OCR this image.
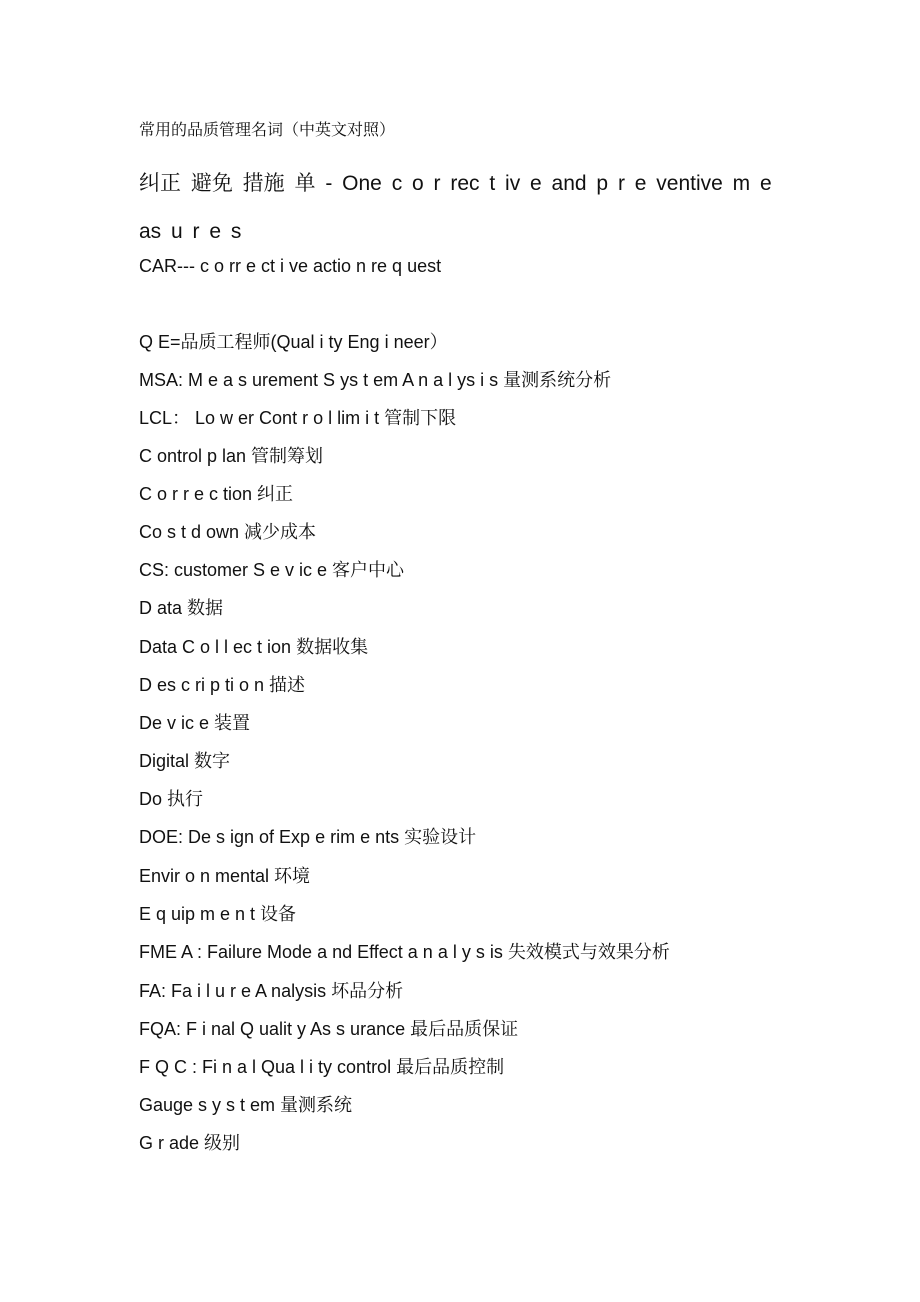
常用的品质管理名词（中英文对照）
纠正 避免 措施 单 - One c o r rec t iv e and p r e ventive m e as u r e s
CAR--- c o rr e ct i ve actio n re q uest
Q E=品质工程师(Qual i ty Eng i neer）
MSA: M e a s urement S ys t em A n a l ys i s 量测系统分析
LCL： Lo w er Cont r o l lim i t 管制下限
C ontrol p lan 管制筹划
C o r r e c tion 纠正
Co s t d own 减少成本
CS: customer S e v ic e 客户中心
D ata 数据
Data C o l l ec t ion 数据收集
D es c ri p ti o n 描述
De v ic e 装置
Digital 数字
Do 执行
DOE: De s ign of Exp e rim e nts 实验设计
Envir o n mental 环境
E q uip m e n t 设备
FME A : Failure Mode a nd Effect a n a l y s is 失效模式与效果分析
FA: Fa i l u r e A nalysis 坏品分析
FQA: F i nal Q ualit y As s urance 最后品质保证
F Q C : Fi n a l Qua l i ty control 最后品质控制
Gauge s y s t em 量测系统
G r ade 级别
